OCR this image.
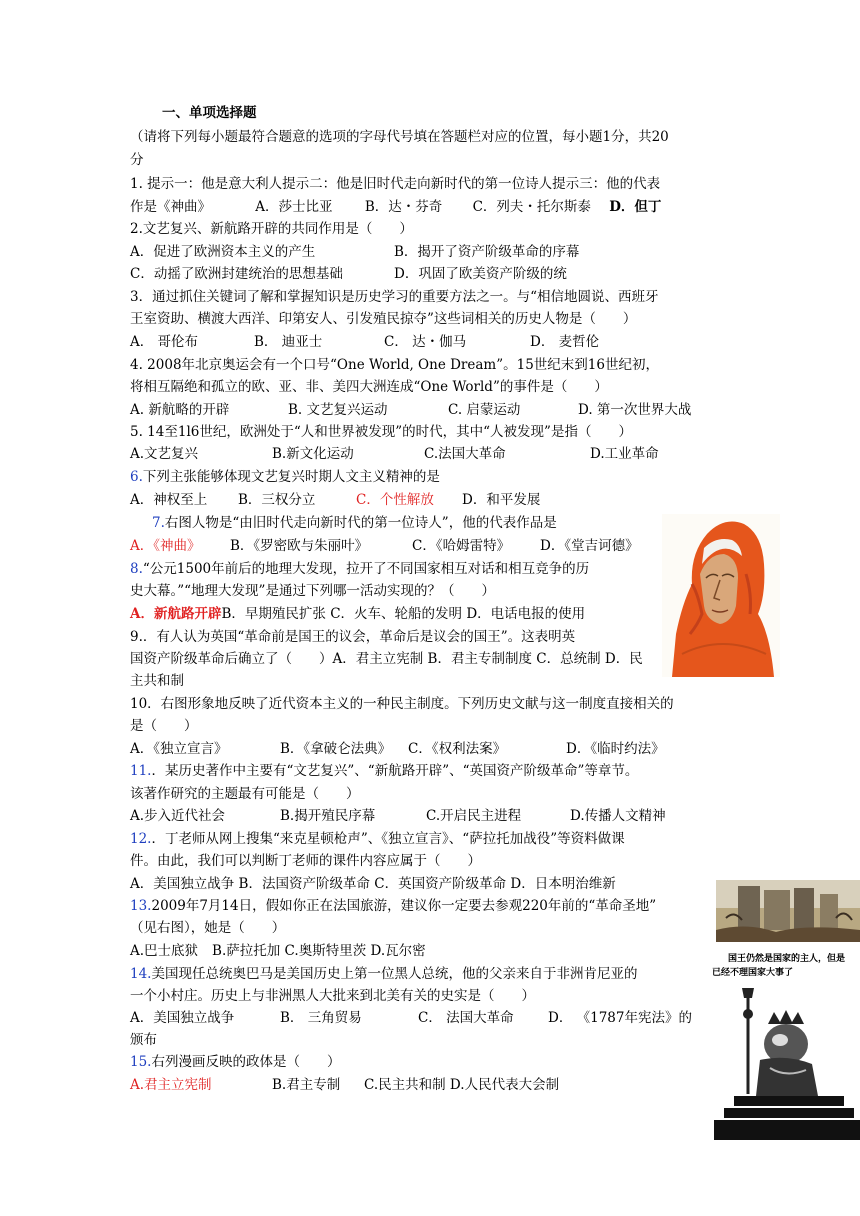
一、单项选择题
（请将下列每小题最符合题意的选项的字母代号填在答题栏对应的位置，每小题1分，共20
分
1. 提示一：他是意大利人提示二：他是旧时代走向新时代的第一位诗人提示三：他的代表
作是《神曲》	A．莎士比亚 B．达・芬奇 C．列夫・托尔斯泰 D．但丁
2.文艺复兴、新航路开辟的共同作用是（　　）
A．促进了欧洲资本主义的产生	B．揭开了资产阶级革命的序幕
C．动摇了欧洲封建统治的思想基础	D．巩固了欧美资产阶级的统
3．通过抓住关键词了解和掌握知识是历史学习的重要方法之一。与“相信地圆说、西班牙
王室资助、横渡大西洋、印第安人、引发殖民掠夺”这些词相关的历史人物是（　　）
A． 哥伦布	B． 迪亚士	C． 达・伽马	D． 麦哲伦
4. 2008年北京奥运会有一个口号“One World, One Dream”。15世纪末到16世纪初，
将相互隔绝和孤立的欧、亚、非、美四大洲连成“One World”的事件是（　　）
A. 新航略的开辟	B. 文艺复兴运动	C. 启蒙运动	D. 第一次世界大战
5. 14至1l6世纪，欧洲处于“人和世界被发现”的时代，其中“人被发现”是指（　　）
A.文艺复兴	B.新文化运动	C.法国大革命	D.工业革命
6.下列主张能够体现文艺复兴时期人文主义精神的是
A．神权至上 B．三权分立	C．个性解放 D．和平发展
7.右图人物是“由旧时代走向新时代的第一位诗人”，他的代表作品是
A．《神曲》 B．《罗密欧与朱丽叶》	C．《哈姆雷特》 D．《堂吉诃德》
8.“公元1500年前后的地理大发现，拉开了不同国家相互对话和相互竞争的历
史大幕。”“地理大发现”是通过下列哪一活动实现的？（　　）
A．新航路开辟B．早期殖民扩张 C．火车、轮船的发明 D．电话电报的使用
9.．有人认为英国“革命前是国王的议会，革命后是议会的国王”。这表明英
国资产阶级革命后确立了（　　）A．君主立宪制 B．君主专制制度 C．总统制 D．民
主共和制
10．右图形象地反映了近代资本主义的一种民主制度。下列历史文献与这一制度直接相关的
是（　　）
A．《独立宣言》	B．《拿破仑法典》 C．《权利法案》	D．《临时约法》
11.．某历史著作中主要有“文艺复兴”、“新航路开辟”、“英国资产阶级革命”等章节。
该著作研究的主题最有可能是（　　）
A.步入近代社会	B.揭开殖民序幕	C.开启民主进程	D.传播人文精神
12.．丁老师从网上搜集“来克星顿枪声”、《独立宣言》、“萨拉托加战役”等资料做课
件。由此，我们可以判断丁老师的课件内容应属于（　　）
A．美国独立战争 B．法国资产阶级革命 C．英国资产阶级革命 D．日本明治维新
13.2009年7月14日，假如你正在法国旅游，建议你一定要去参观220年前的“革命圣地”
（见右图），她是（　　）
A.巴士底狱 B.萨拉托加 C.奥斯特里茨 D.瓦尔密
14.美国现任总统奥巴马是美国历史上第一位黑人总统，他的父亲来自于非洲肯尼亚的
一个小村庄。历史上与非洲黑人大批来到北美有关的史实是（　　）
A．美国独立战争	B． 三角贸易	C． 法国大革命	D． 《1787年宪法》的
颁布
15.右列漫画反映的政体是（　　）
A.君主立宪制	B.君主专制 C.民主共和制 D.人民代表大会制
国王仍然是国家的主人，但是
已经不理国家大事了
